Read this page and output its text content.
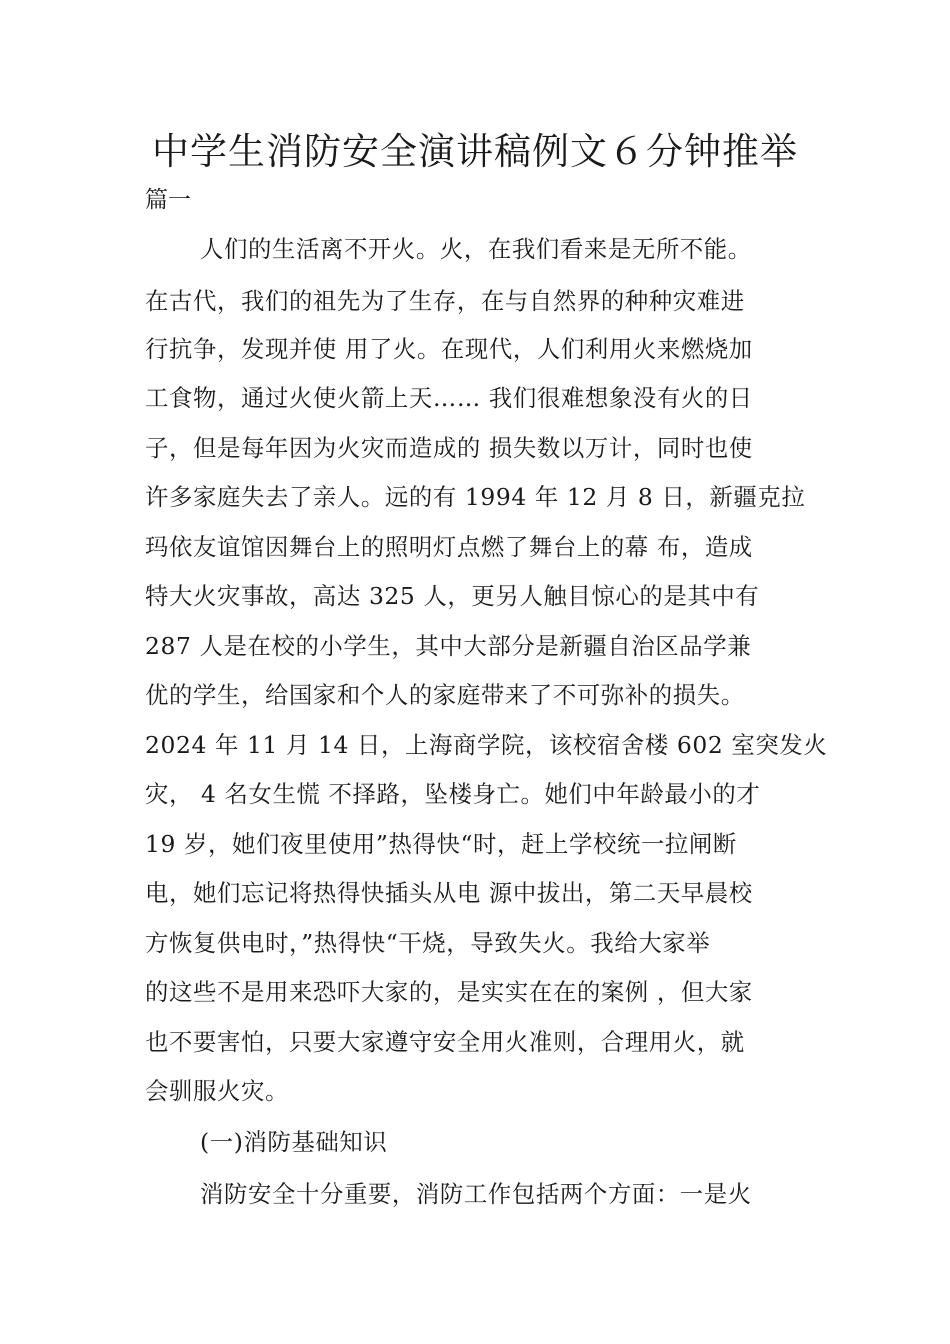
中学生消防安全演讲稿例文６分钟推举
篇一
人们的生活离不开火。火，在我们看来是无所不能。
在古代，我们的祖先为了生存，在与自然界的种种灾难进
行抗争，发现并使 用了火。在现代，人们利用火来燃烧加
工食物，通过火使火箭上天…… 我们很难想象没有火的日
子，但是每年因为火灾而造成的 损失数以万计，同时也使
许多家庭失去了亲人。远的有 1994 年 12 月 8 日，新疆克拉
玛依友谊馆因舞台上的照明灯点燃了舞台上的幕 布，造成
特大火灾事故，高达 325 人，更另人触目惊心的是其中有
287 人是在校的小学生，其中大部分是新疆自治区品学兼
优的学生，给国家和个人的家庭带来了不可弥补的损失。
2024 年 11 月 14 日，上海商学院，该校宿舍楼 602 室突发火
灾， 4 名女生慌 不择路，坠楼身亡。她们中年龄最小的才
19 岁，她们夜里使用”热得快“时，赶上学校统一拉闸断
电，她们忘记将热得快插头从电 源中拔出，第二天早晨校
方恢复供电时，”热得快“干烧，导致失火。我给大家举
的这些不是用来恐吓大家的，是实实在在的案例 ，但大家
也不要害怕，只要大家遵守安全用火准则，合理用火，就
会驯服火灾。
(一)消防基础知识
消防安全十分重要，消防工作包括两个方面：一是火
